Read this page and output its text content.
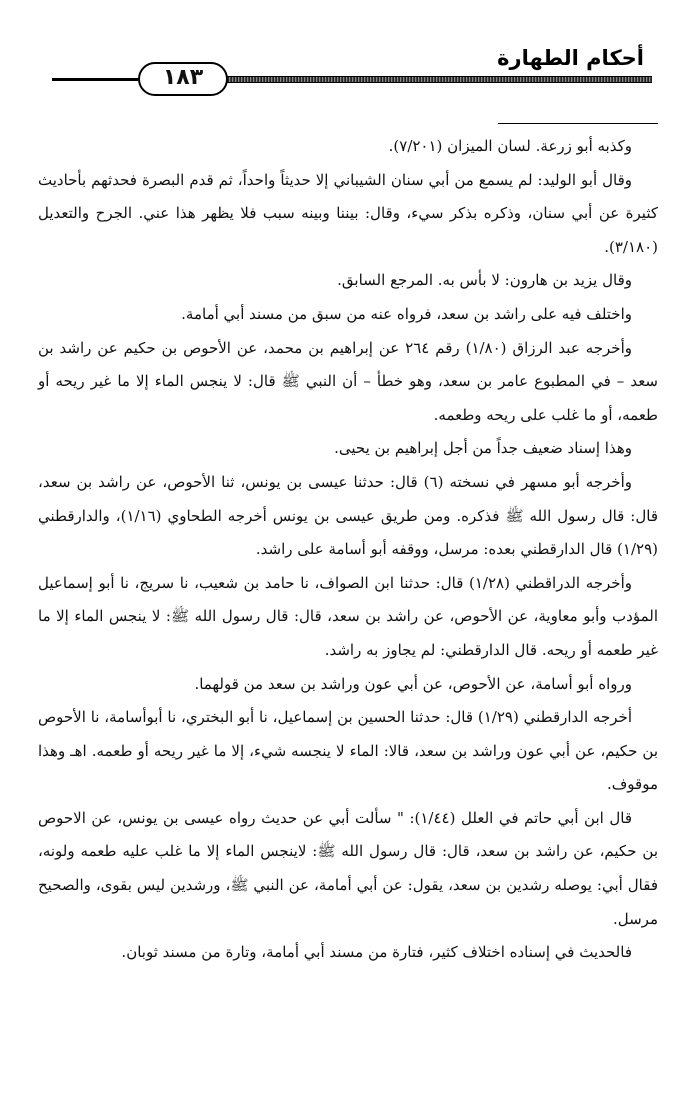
أحكام الطهارة
١٨٣

وكذبه أبو زرعة. لسان الميزان (٧/٢٠١).

وقال أبو الوليد: لم يسمع من أبي سنان الشيباني إلا حديثاً واحداً، ثم قدم البصرة فحدثهم بأحاديث كثيرة عن أبي سنان، وذكره بذكر سيء، وقال: بيننا وبينه سبب فلا يظهر هذا عني. الجرح والتعديل (٣/١٨٠).

وقال يزيد بن هارون: لا بأس به. المرجع السابق.

واختلف فيه على راشد بن سعد، فرواه عنه من سبق من مسند أبي أمامة.

وأخرجه عبد الرزاق (١/٨٠) رقم ٢٦٤ عن إبراهيم بن محمد، عن الأحوص بن حكيم عن راشد بن سعد – في المطبوع عامر بن سعد، وهو خطأ – أن النبي ﷺ قال: لا ينجس الماء إلا ما غير ريحه أو طعمه، أو ما غلب على ريحه وطعمه.

وهذا إسناد ضعيف جداً من أجل إبراهيم بن يحيى.

وأخرجه أبو مسهر في نسخته (٦) قال: حدثنا عيسى بن يونس، ثنا الأحوص، عن راشد بن سعد، قال: قال رسول الله ﷺ فذكره. ومن طريق عيسى بن يونس أخرجه الطحاوي (١/١٦)، والدارقطني (١/٢٩) قال الدارقطني بعده: مرسل، ووقفه أبو أسامة على راشد.

وأخرجه الدراقطني (١/٢٨) قال: حدثنا ابن الصواف، نا حامد بن شعيب، نا سريج، نا أبو إسماعيل المؤدب وأبو معاوية، عن الأحوص، عن راشد بن سعد، قال: قال رسول الله ﷺ: لا ينجس الماء إلا ما غير طعمه أو ريحه. قال الدارقطني: لم يجاوز به راشد.

ورواه أبو أسامة، عن الأحوص، عن أبي عون وراشد بن سعد من قولهما.

أخرجه الدارقطني (١/٢٩) قال: حدثنا الحسين بن إسماعيل، نا أبو البختري، نا أبوأسامة، نا الأحوص بن حكيم، عن أبي عون وراشد بن سعد، قالا: الماء لا ينجسه شيء، إلا ما غير ريحه أو طعمه. اهـ وهذا موقوف.

قال ابن أبي حاتم في العلل (١/٤٤): " سألت أبي عن حديث رواه عيسى بن يونس، عن الاحوص بن حكيم، عن راشد بن سعد، قال: قال رسول الله ﷺ: لاينجس الماء إلا ما غلب عليه طعمه ولونه، فقال أبي: يوصله رشدين بن سعد، يقول: عن أبي أمامة، عن النبي ﷺ، ورشدين ليس بقوى، والصحيح مرسل.

فالحديث في إسناده اختلاف كثير، فتارة من مسند أبي أمامة، وتارة من مسند ثوبان.
